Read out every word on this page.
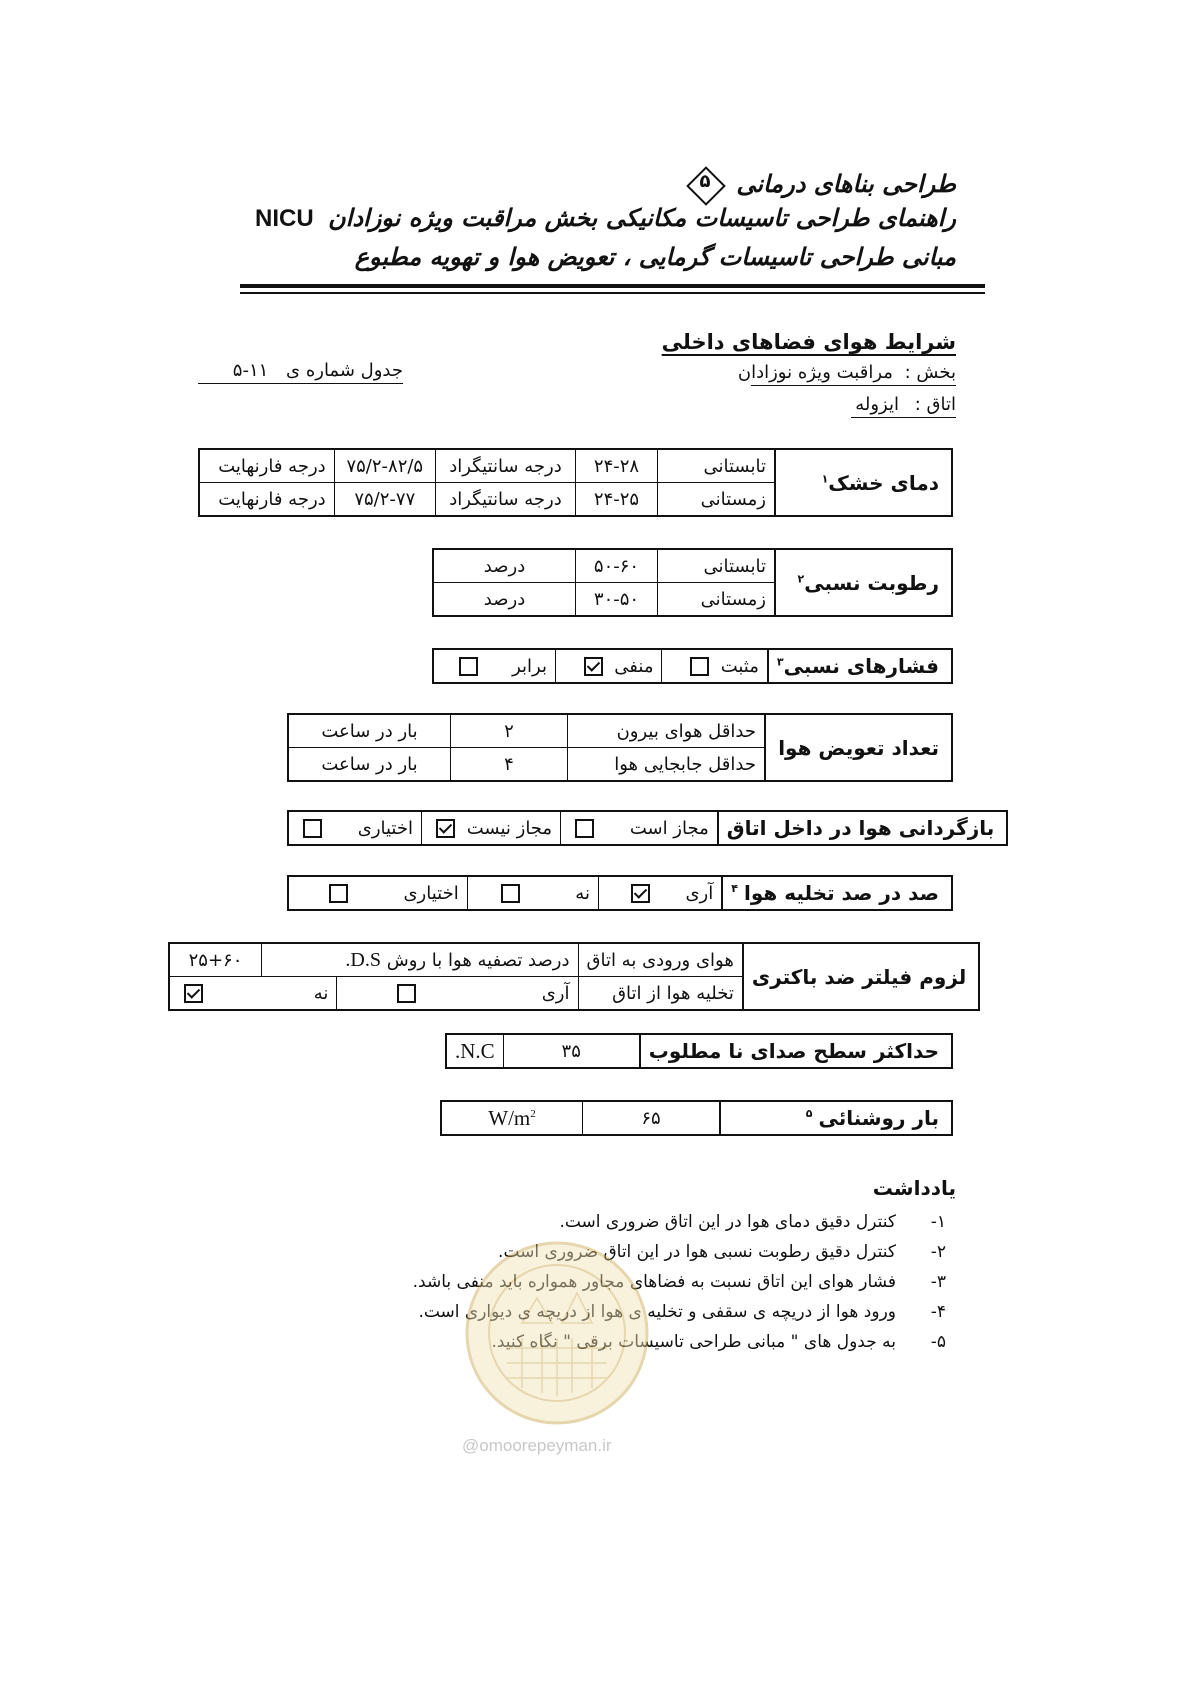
طراحی بناهای درمانی
۵
راهنمای طراحی تاسیسات مکانیکی بخش مراقبت ویژه نوزادان NICU
مبانی طراحی تاسیسات گرمایی ، تعویض هوا و تهویه مطبوع
شرایط هوای فضاهای داخلی
بخش : مراقبت ویژه نوزادان
اتاق : ایزوله
جدول شماره ی ۱۱-۵
دمای خشک$^۱$	تابستانی	۲۴-۲۸	درجه سانتیگراد	۷۵/۲-۸۲/۵	درجه فارنهایت
	زمستانی	۲۴-۲۵	درجه سانتیگراد	۷۵/۲-۷۷	درجه فارنهایت
رطوبت نسبی$^۲$	تابستانی	۵۰-۶۰	درصد
	زمستانی	۳۰-۵۰	درصد
فشارهای نسبی$^۳$	مثبت	منفی	برابر
تعداد تعویض هوا	حداقل هوای بیرون	۲	بار در ساعت
	حداقل جابجایی هوا	۴	بار در ساعت
بازگردانی هوا در داخل اتاق	مجاز است	مجاز نیست	اختیاری
صد در صد تخلیه هوا$^۴$	آری	نه	اختیاری
لزوم فیلتر ضد باکتری	هوای ورودی به اتاق	درصد تصفیه هوا با روش D.S.		۲۵+۶۰
	تخلیه هوا از اتاق	آری	نه	
حداکثر سطح صدای نا مطلوب	۳۵	N.C.
بار روشنائی$^۵$	۶۵	$W/m^2$
یادداشت
۱-کنترل دقیق دمای هوا در این اتاق ضروری است.
۲-کنترل دقیق رطوبت نسبی هوا در این اتاق ضروری است.
۳-فشار هوای این اتاق نسبت به فضاهای مجاور همواره باید منفی باشد.
۴-ورود هوا از دریچه ی سقفی و تخلیه ی هوا از دریچه ی دیواری است.
۵-به جدول های " مبانی طراحی تاسیسات برقی " نگاه کنید.
@omoorepeyman.ir
